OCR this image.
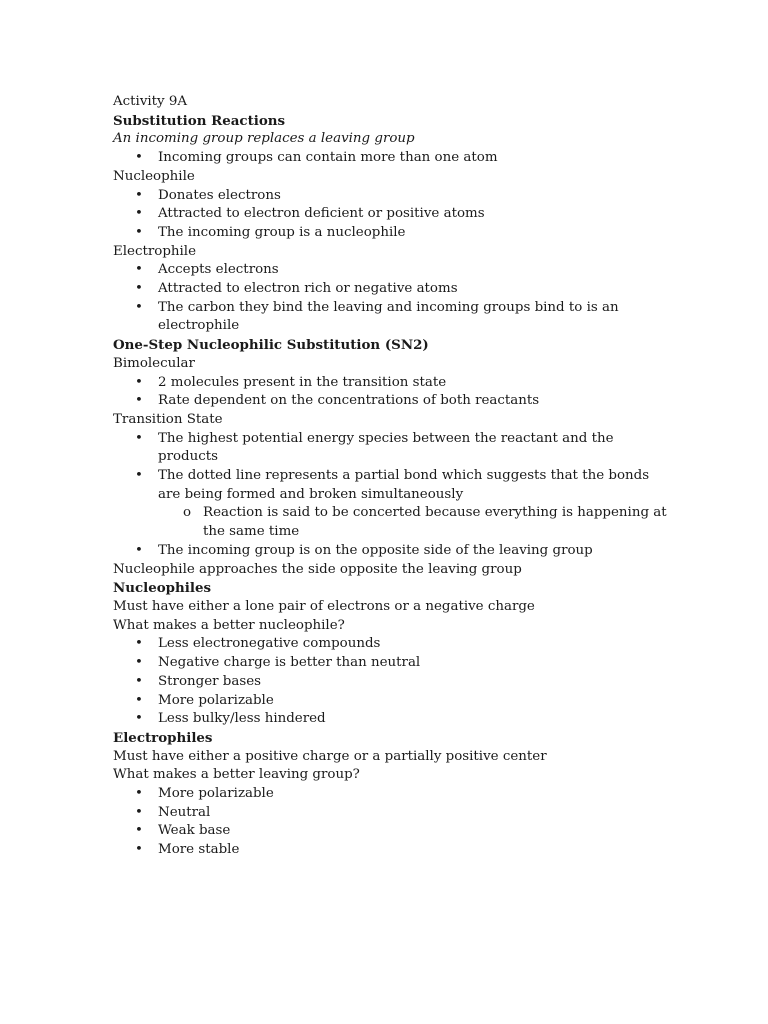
Activity 9A
Substitution Reactions
An incoming group replaces a leaving group
• Incoming groups can contain more than one atom
Nucleophile
• Donates electrons
• Attracted to electron deficient or positive atoms
• The incoming group is a nucleophile
Electrophile
• Accepts electrons
• Attracted to electron rich or negative atoms
• The carbon they bind the leaving and incoming groups bind to is an electrophile
One-Step Nucleophilic Substitution (SN2)
Bimolecular
• 2 molecules present in the transition state
• Rate dependent on the concentrations of both reactants
Transition State
• The highest potential energy species between the reactant and the products
• The dotted line represents a partial bond which suggests that the bonds are being formed and broken simultaneously
o Reaction is said to be concerted because everything is happening at the same time
• The incoming group is on the opposite side of the leaving group
Nucleophile approaches the side opposite the leaving group
Nucleophiles
Must have either a lone pair of electrons or a negative charge
What makes a better nucleophile?
• Less electronegative compounds
• Negative charge is better than neutral
• Stronger bases
• More polarizable
• Less bulky/less hindered
Electrophiles
Must have either a positive charge or a partially positive center
What makes a better leaving group?
• More polarizable
• Neutral
• Weak base
• More stable
